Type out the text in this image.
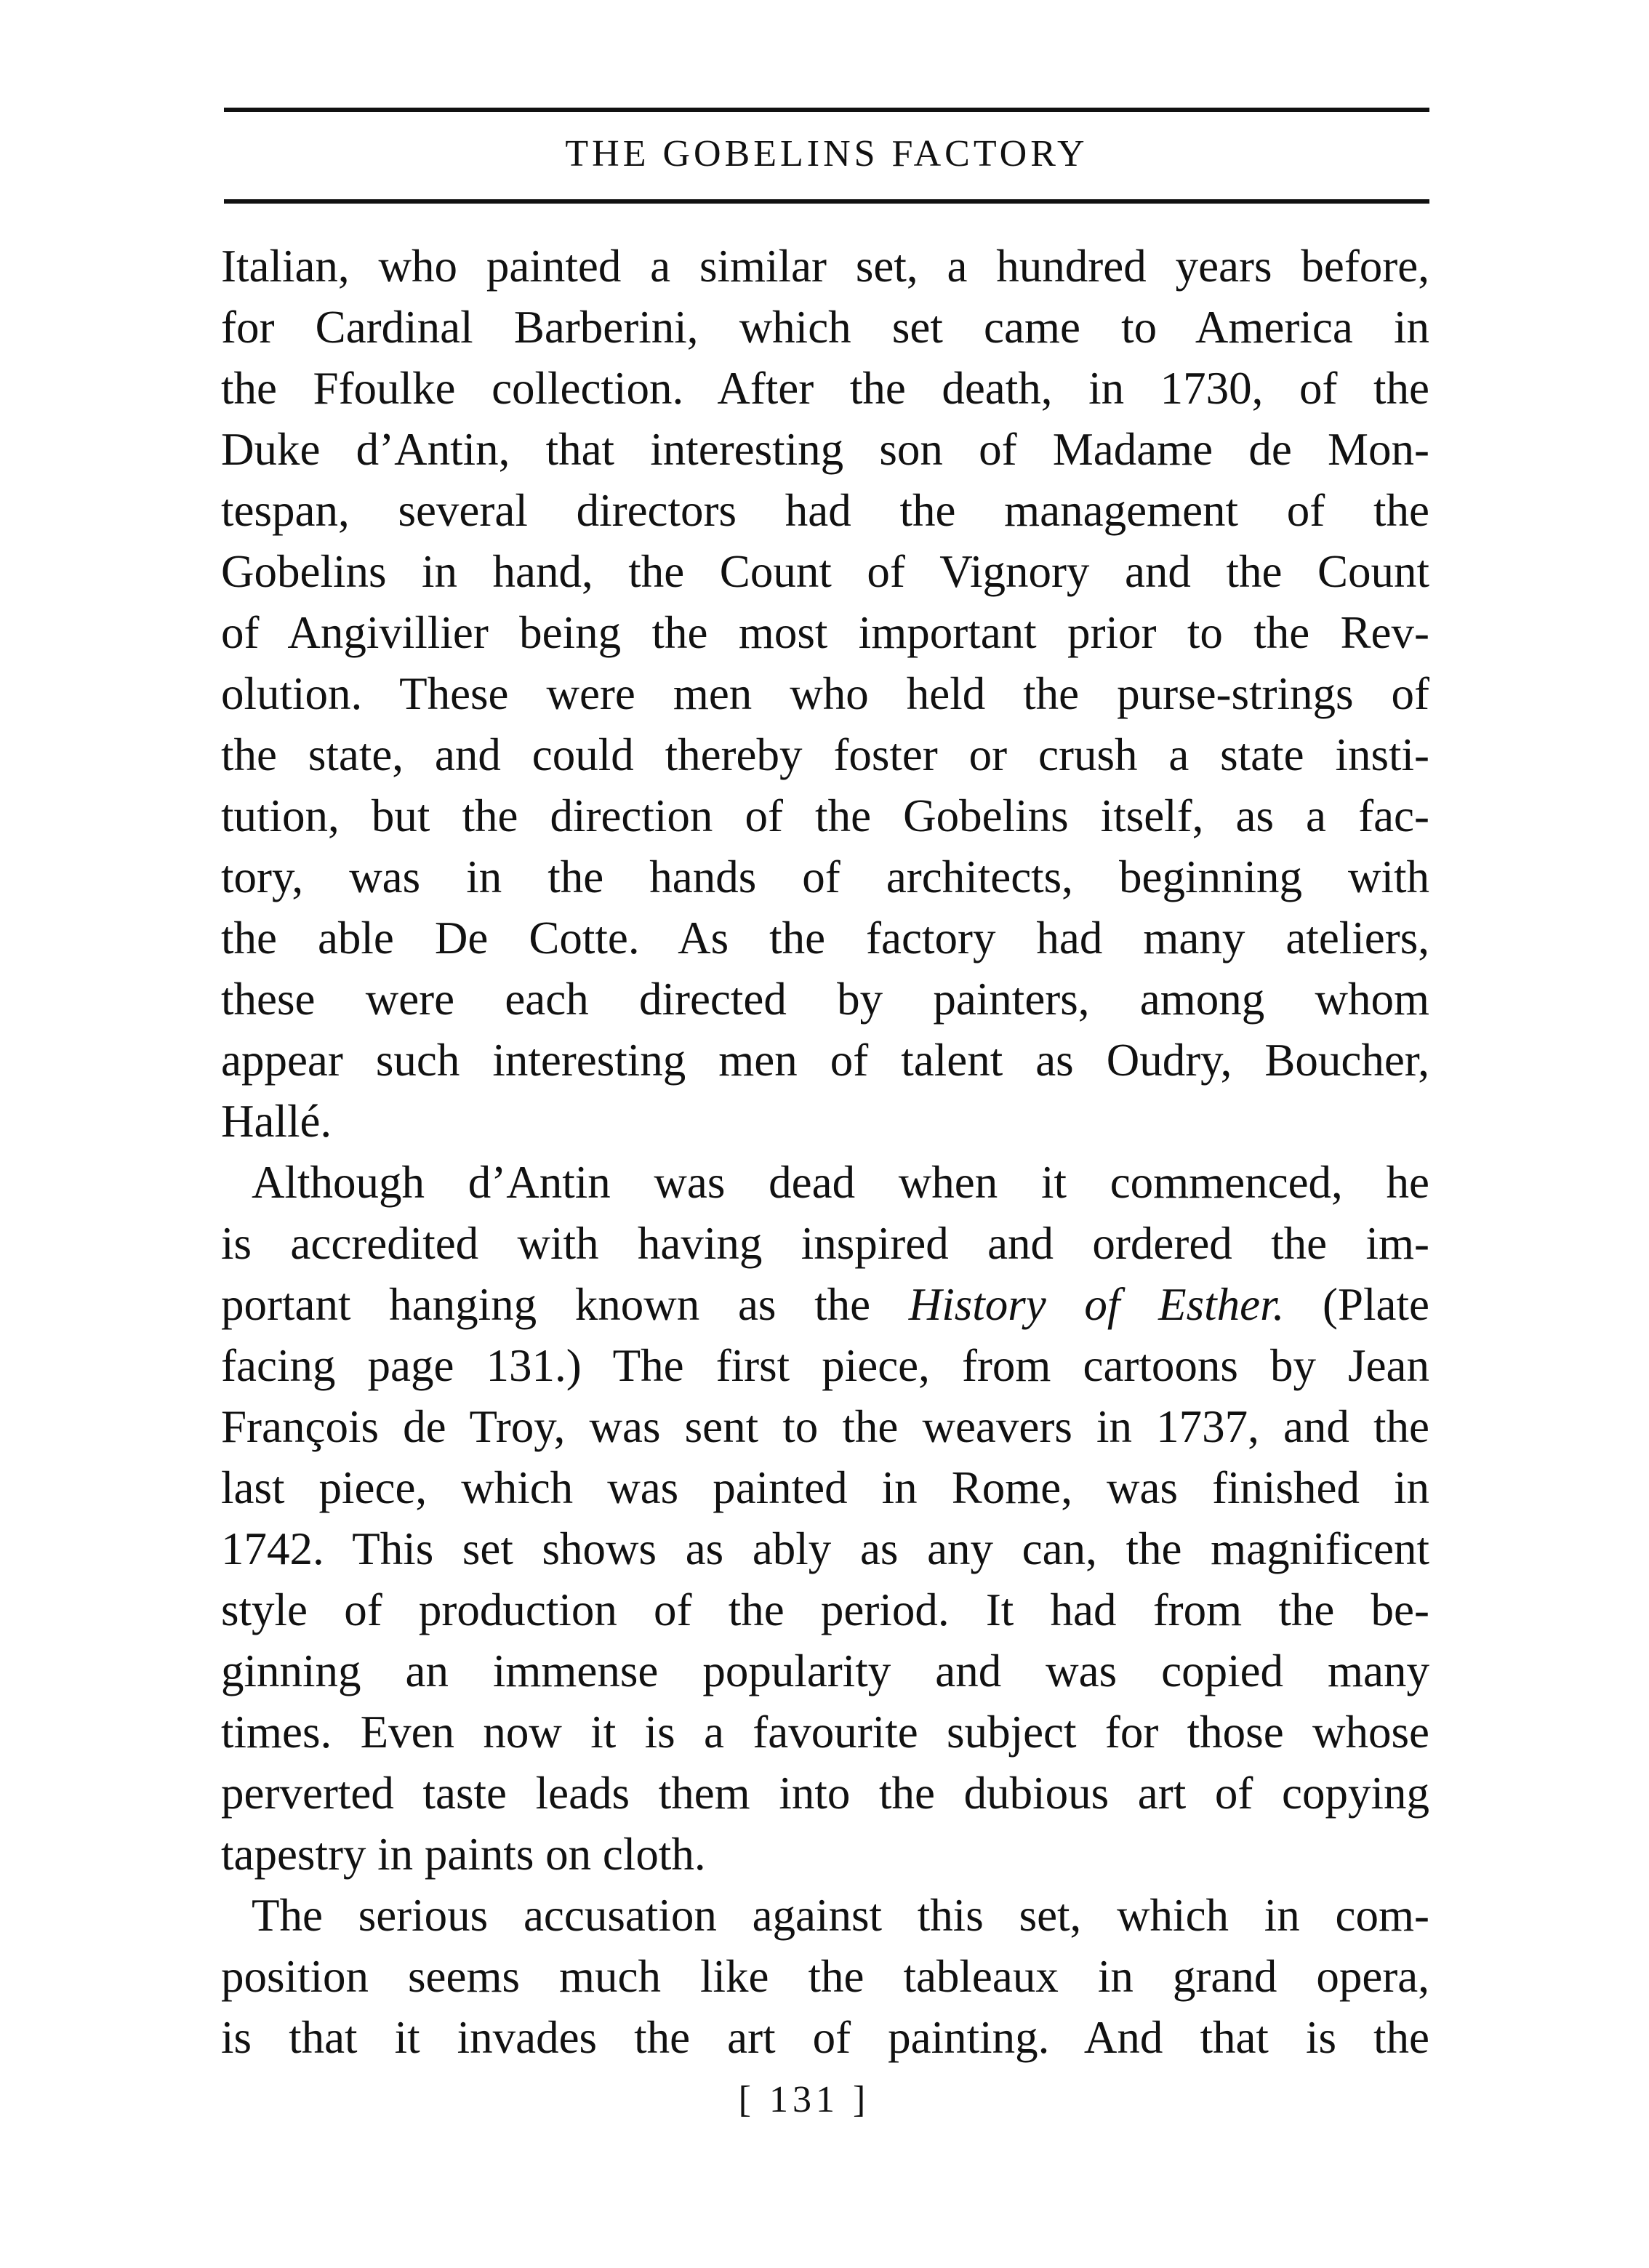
THE GOBELINS FACTORY
Italian, who painted a similar set, a hundred years before,
for Cardinal Barberini, which set came to America in
the Ffoulke collection. After the death, in 1730, of the
Duke d’Antin, that interesting son of Madame de Mon-
tespan, several directors had the management of the
Gobelins in hand, the Count of Vignory and the Count
of Angivillier being the most important prior to the Rev-
olution. These were men who held the purse-strings of
the state, and could thereby foster or crush a state insti-
tution, but the direction of the Gobelins itself, as a fac-
tory, was in the hands of architects, beginning with
the able De Cotte. As the factory had many ateliers,
these were each directed by painters, among whom
appear such interesting men of talent as Oudry, Boucher,
Hallé.
Although d’Antin was dead when it commenced, he
is accredited with having inspired and ordered the im-
portant hanging known as the History of Esther. (Plate
facing page 131.) The first piece, from cartoons by Jean
François de Troy, was sent to the weavers in 1737, and the
last piece, which was painted in Rome, was finished in
1742. This set shows as ably as any can, the magnificent
style of production of the period. It had from the be-
ginning an immense popularity and was copied many
times. Even now it is a favourite subject for those whose
perverted taste leads them into the dubious art of copying
tapestry in paints on cloth.
The serious accusation against this set, which in com-
position seems much like the tableaux in grand opera,
is that it invades the art of painting. And that is the
[ 131 ]
